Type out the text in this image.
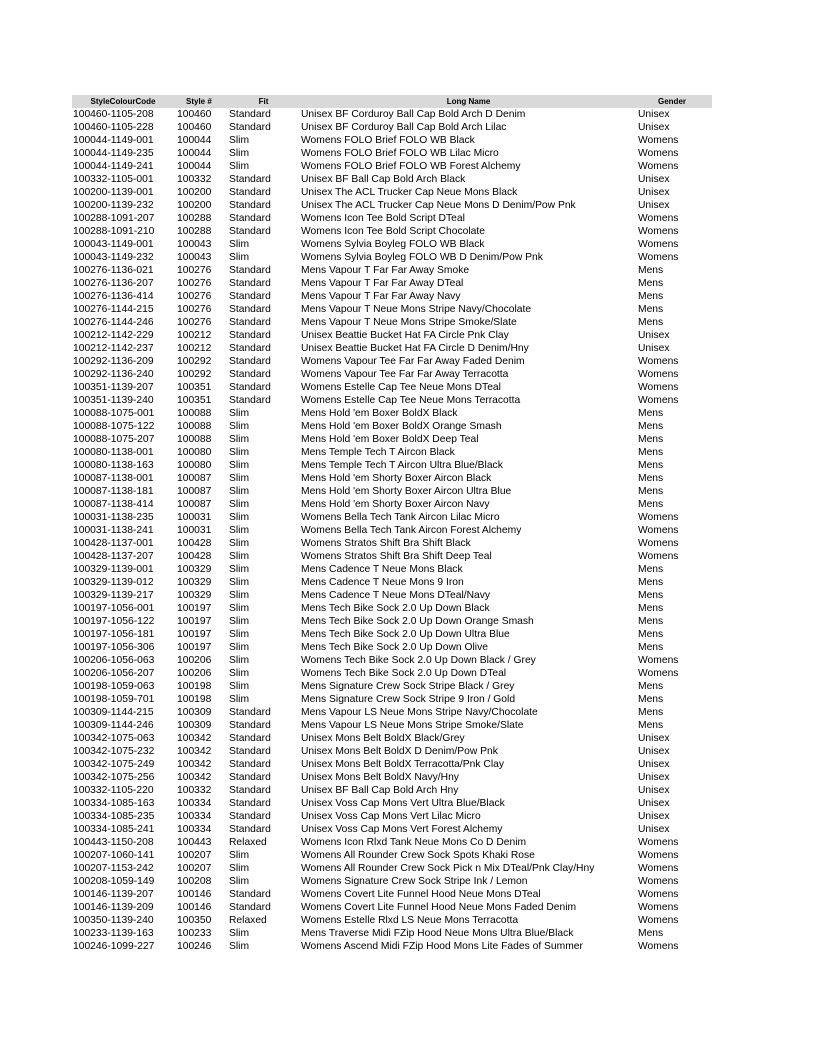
StyleColourCode	Style #	Fit	Long Name	Gender
100460-1105-208	100460	Standard	Unisex BF Corduroy Ball Cap Bold Arch D Denim	Unisex
100460-1105-228	100460	Standard	Unisex BF Corduroy Ball Cap Bold Arch Lilac	Unisex
100044-1149-001	100044	Slim	Womens FOLO Brief FOLO WB Black	Womens
100044-1149-235	100044	Slim	Womens FOLO Brief FOLO WB Lilac Micro	Womens
100044-1149-241	100044	Slim	Womens FOLO Brief FOLO WB Forest Alchemy	Womens
100332-1105-001	100332	Standard	Unisex BF Ball Cap Bold Arch Black	Unisex
100200-1139-001	100200	Standard	Unisex The ACL Trucker Cap Neue Mons Black	Unisex
100200-1139-232	100200	Standard	Unisex The ACL Trucker Cap Neue Mons D Denim/Pow Pnk	Unisex
100288-1091-207	100288	Standard	Womens Icon Tee Bold Script DTeal	Womens
100288-1091-210	100288	Standard	Womens Icon Tee Bold Script Chocolate	Womens
100043-1149-001	100043	Slim	Womens Sylvia Boyleg FOLO WB Black	Womens
100043-1149-232	100043	Slim	Womens Sylvia Boyleg FOLO WB D Denim/Pow Pnk	Womens
100276-1136-021	100276	Standard	Mens Vapour T Far Far Away Smoke	Mens
100276-1136-207	100276	Standard	Mens Vapour T Far Far Away DTeal	Mens
100276-1136-414	100276	Standard	Mens Vapour T Far Far Away Navy	Mens
100276-1144-215	100276	Standard	Mens Vapour T Neue Mons Stripe Navy/Chocolate	Mens
100276-1144-246	100276	Standard	Mens Vapour T Neue Mons Stripe Smoke/Slate	Mens
100212-1142-229	100212	Standard	Unisex Beattie Bucket Hat FA Circle Pnk Clay	Unisex
100212-1142-237	100212	Standard	Unisex Beattie Bucket Hat FA Circle D Denim/Hny	Unisex
100292-1136-209	100292	Standard	Womens Vapour Tee Far Far Away Faded Denim	Womens
100292-1136-240	100292	Standard	Womens Vapour Tee Far Far Away Terracotta	Womens
100351-1139-207	100351	Standard	Womens Estelle Cap Tee Neue Mons DTeal	Womens
100351-1139-240	100351	Standard	Womens Estelle Cap Tee Neue Mons Terracotta	Womens
100088-1075-001	100088	Slim	Mens Hold 'em Boxer BoldX Black	Mens
100088-1075-122	100088	Slim	Mens Hold 'em Boxer BoldX Orange Smash	Mens
100088-1075-207	100088	Slim	Mens Hold 'em Boxer BoldX Deep Teal	Mens
100080-1138-001	100080	Slim	Mens Temple Tech T Aircon Black	Mens
100080-1138-163	100080	Slim	Mens Temple Tech T Aircon Ultra Blue/Black	Mens
100087-1138-001	100087	Slim	Mens Hold 'em Shorty Boxer Aircon Black	Mens
100087-1138-181	100087	Slim	Mens Hold 'em Shorty Boxer Aircon Ultra Blue	Mens
100087-1138-414	100087	Slim	Mens Hold 'em Shorty Boxer Aircon Navy	Mens
100031-1138-235	100031	Slim	Womens Bella Tech Tank Aircon Lilac Micro	Womens
100031-1138-241	100031	Slim	Womens Bella Tech Tank Aircon Forest Alchemy	Womens
100428-1137-001	100428	Slim	Womens Stratos Shift Bra Shift Black	Womens
100428-1137-207	100428	Slim	Womens Stratos Shift Bra Shift Deep Teal	Womens
100329-1139-001	100329	Slim	Mens Cadence T Neue Mons Black	Mens
100329-1139-012	100329	Slim	Mens Cadence T Neue Mons 9 Iron	Mens
100329-1139-217	100329	Slim	Mens Cadence T Neue Mons DTeal/Navy	Mens
100197-1056-001	100197	Slim	Mens Tech Bike Sock 2.0 Up Down Black	Mens
100197-1056-122	100197	Slim	Mens Tech Bike Sock 2.0 Up Down Orange Smash	Mens
100197-1056-181	100197	Slim	Mens Tech Bike Sock 2.0 Up Down Ultra Blue	Mens
100197-1056-306	100197	Slim	Mens Tech Bike Sock 2.0 Up Down Olive	Mens
100206-1056-063	100206	Slim	Womens Tech Bike Sock 2.0 Up Down Black / Grey	Womens
100206-1056-207	100206	Slim	Womens Tech Bike Sock 2.0 Up Down DTeal	Womens
100198-1059-063	100198	Slim	Mens Signature Crew Sock Stripe Black / Grey	Mens
100198-1059-701	100198	Slim	Mens Signature Crew Sock Stripe 9 Iron / Gold	Mens
100309-1144-215	100309	Standard	Mens Vapour LS Neue Mons Stripe Navy/Chocolate	Mens
100309-1144-246	100309	Standard	Mens Vapour LS Neue Mons Stripe Smoke/Slate	Mens
100342-1075-063	100342	Standard	Unisex Mons Belt BoldX Black/Grey	Unisex
100342-1075-232	100342	Standard	Unisex Mons Belt BoldX D Denim/Pow Pnk	Unisex
100342-1075-249	100342	Standard	Unisex Mons Belt BoldX Terracotta/Pnk Clay	Unisex
100342-1075-256	100342	Standard	Unisex Mons Belt BoldX Navy/Hny	Unisex
100332-1105-220	100332	Standard	Unisex BF Ball Cap Bold Arch Hny	Unisex
100334-1085-163	100334	Standard	Unisex Voss Cap Mons Vert Ultra Blue/Black	Unisex
100334-1085-235	100334	Standard	Unisex Voss Cap Mons Vert Lilac Micro	Unisex
100334-1085-241	100334	Standard	Unisex Voss Cap Mons Vert Forest Alchemy	Unisex
100443-1150-208	100443	Relaxed	Womens Icon Rlxd Tank Neue Mons Co D Denim	Womens
100207-1060-141	100207	Slim	Womens All Rounder Crew Sock Spots Khaki Rose	Womens
100207-1153-242	100207	Slim	Womens All Rounder Crew Sock Pick n Mix DTeal/Pnk Clay/Hny	Womens
100208-1059-149	100208	Slim	Womens Signature Crew Sock Stripe Ink / Lemon	Womens
100146-1139-207	100146	Standard	Womens Covert Lite Funnel Hood Neue Mons DTeal	Womens
100146-1139-209	100146	Standard	Womens Covert Lite Funnel Hood Neue Mons Faded Denim	Womens
100350-1139-240	100350	Relaxed	Womens Estelle Rlxd LS Neue Mons Terracotta	Womens
100233-1139-163	100233	Slim	Mens Traverse Midi FZip Hood Neue Mons Ultra Blue/Black	Mens
100246-1099-227	100246	Slim	Womens Ascend Midi FZip Hood Mons Lite Fades of Summer	Womens
